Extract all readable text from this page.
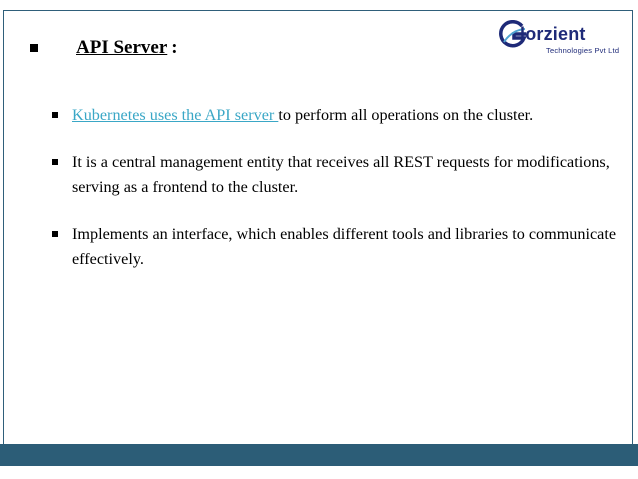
API Server :
lorzient
Technologies Pvt Ltd
Kubernetes uses the API server to perform all operations on the cluster.
It is a central management entity that receives all REST requests for modifications, serving as a frontend to the cluster.
Implements an interface, which enables different tools and libraries to communicate effectively.
